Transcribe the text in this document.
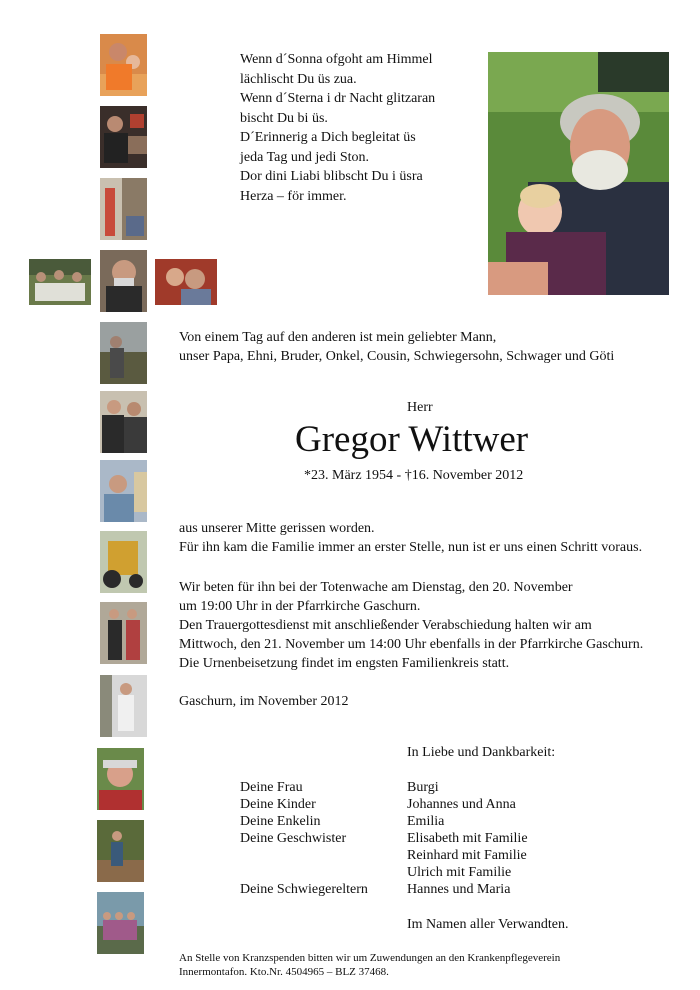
Wenn d´Sonna ofgoht am Himmel
lächlischt Du üs zua.
Wenn d´Sterna i dr Nacht glitzaran
bischt Du bi üs.
D´Erinnerig a Dich begleitat üs
jeda Tag und jedi Ston.
Dor dini Liabi blibscht Du i üsra
Herza – för immer.
Von einem Tag auf den anderen ist mein geliebter Mann,
unser Papa, Ehni, Bruder, Onkel, Cousin, Schwiegersohn, Schwager und Göti
Herr
Gregor Wittwer
*23. März 1954 - †16. November 2012
aus unserer Mitte gerissen worden.
Für ihn kam die Familie immer an erster Stelle, nun ist er uns einen Schritt voraus.
Wir beten für ihn bei der Totenwache am Dienstag, den 20. November
um 19:00 Uhr in der Pfarrkirche Gaschurn.
Den Trauergottesdienst mit anschließender Verabschiedung halten wir am
Mittwoch, den 21. November um 14:00 Uhr ebenfalls in der Pfarrkirche Gaschurn.
Die Urnenbeisetzung findet im engsten Familienkreis statt.
Gaschurn, im November 2012
In Liebe und Dankbarkeit:
Deine Frau	Burgi
Deine Kinder	Johannes und Anna
Deine Enkelin	Emilia
Deine Geschwister	Elisabeth mit Familie
Reinhard mit Familie
Ulrich mit Familie
Deine Schwiegereltern	Hannes und Maria
Im Namen aller Verwandten.
An Stelle von Kranzspenden bitten wir um Zuwendungen an den Krankenpflegeverein
Innermontafon. Kto.Nr. 4504965 – BLZ 37468.
